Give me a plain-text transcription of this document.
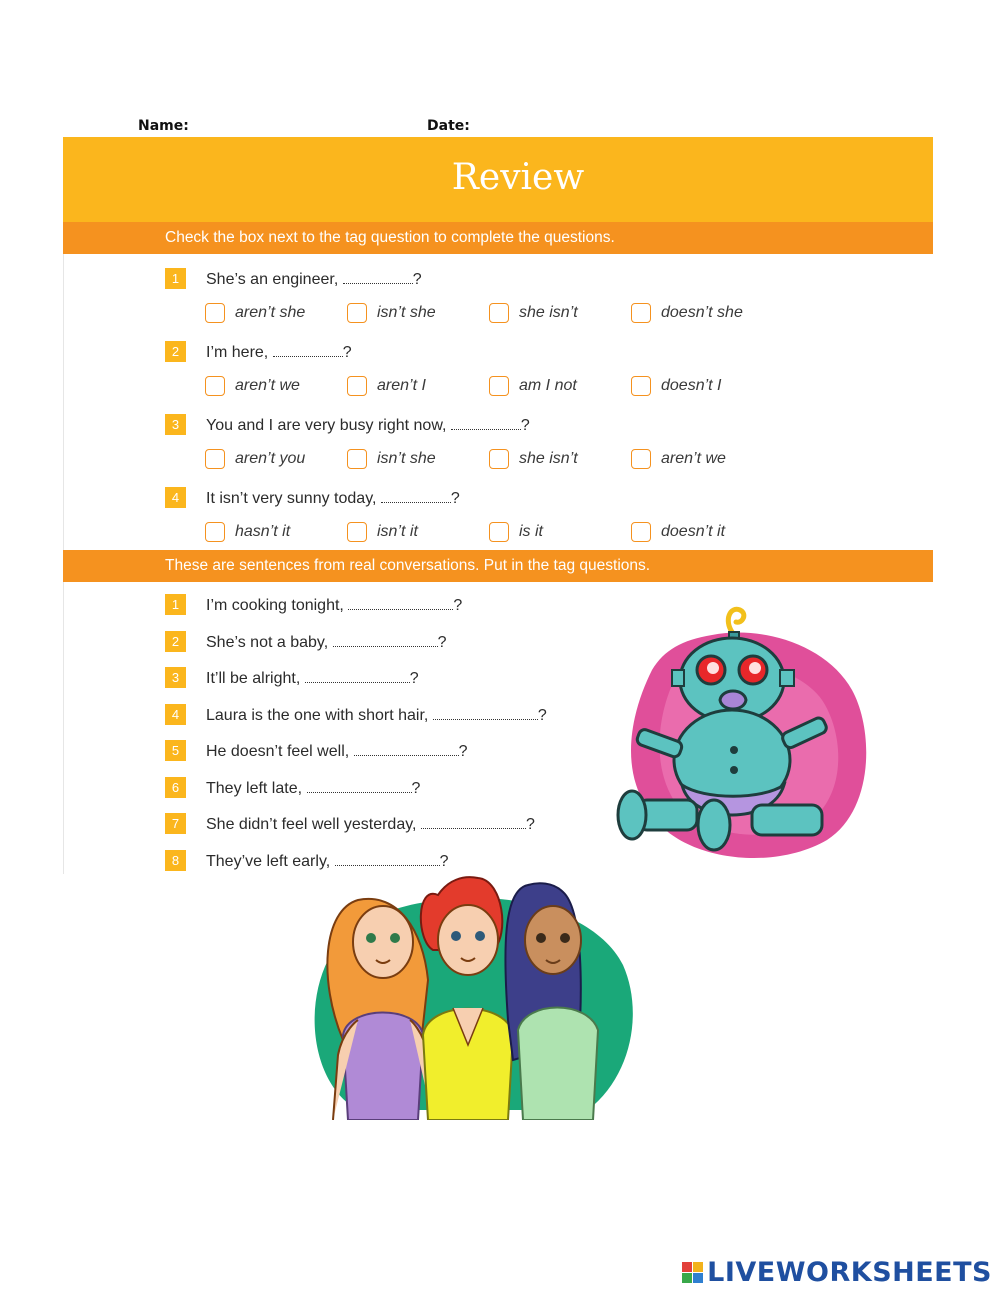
Name:	Date:
Review
Check the box next to the tag question to complete the questions.
1	She’s an engineer,	?
aren’t she	isn’t she	she isn’t	doesn’t she
2	I’m here,	?
aren’t we	aren’t I	am I not	doesn’t I
3	You and I are very busy right now,	?
aren’t you	isn’t she	she isn’t	aren’t we
4	It isn’t very sunny today,	?
hasn’t it	isn’t it	is it	doesn’t it
These are sentences from real conversations. Put in the tag questions.
1	I’m cooking tonight,	?
2	She’s not a baby,	?
3	It’ll be alright,	?
4	Laura is the one with short hair,	?
5	He doesn’t feel well,	?
6	They left late,	?
7	She didn’t feel well yesterday,	?
8	They’ve left early,	?
LIVEWORKSHEETS
